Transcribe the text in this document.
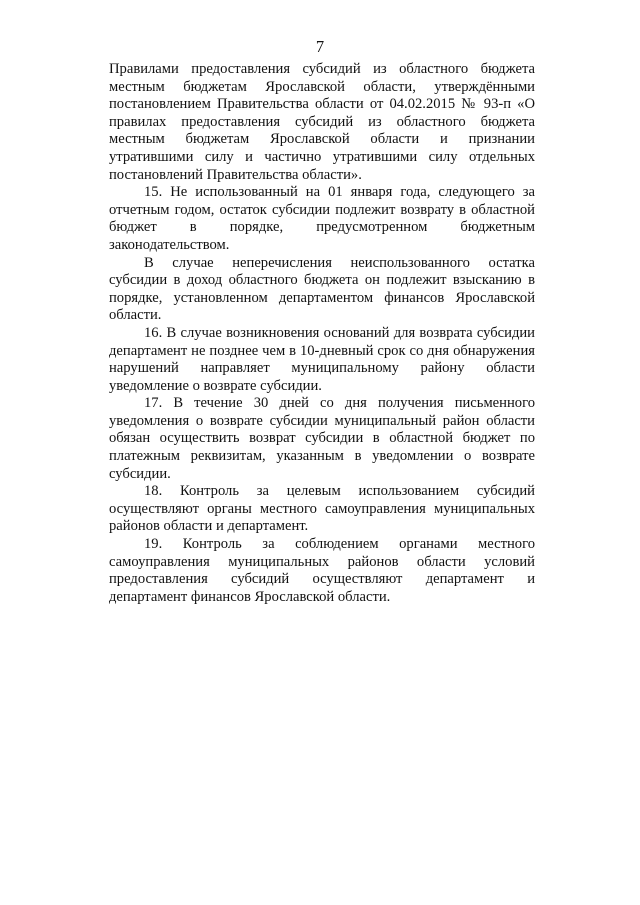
7

Правилами предоставления субсидий из областного бюджета местным бюджетам Ярославской области, утверждёнными постановлением Правительства области от 04.02.2015 № 93-п «О правилах предоставления субсидий из областного бюджета местным бюджетам Ярославской области и признании утратившими силу и частично утратившими силу отдельных постановлений Правительства области».

15. Не использованный на 01 января года, следующего за отчетным годом, остаток субсидии подлежит возврату в областной бюджет в порядке, предусмотренном бюджетным законодательством.

В случае неперечисления неиспользованного остатка субсидии в доход областного бюджета он подлежит взысканию в порядке, установленном департаментом финансов Ярославской области.

16. В случае возникновения оснований для возврата субсидии департамент не позднее чем в 10-дневный срок со дня обнаружения нарушений направляет муниципальному району области уведомление о возврате субсидии.

17. В течение 30 дней со дня получения письменного уведомления о возврате субсидии муниципальный район области обязан осуществить возврат субсидии в областной бюджет по платежным реквизитам, указанным в уведомлении о возврате субсидии.

18. Контроль за целевым использованием субсидий осуществляют органы местного самоуправления муниципальных районов области и департамент.

19. Контроль за соблюдением органами местного самоуправления муниципальных районов области условий предоставления субсидий осуществляют департамент и департамент финансов Ярославской области.
